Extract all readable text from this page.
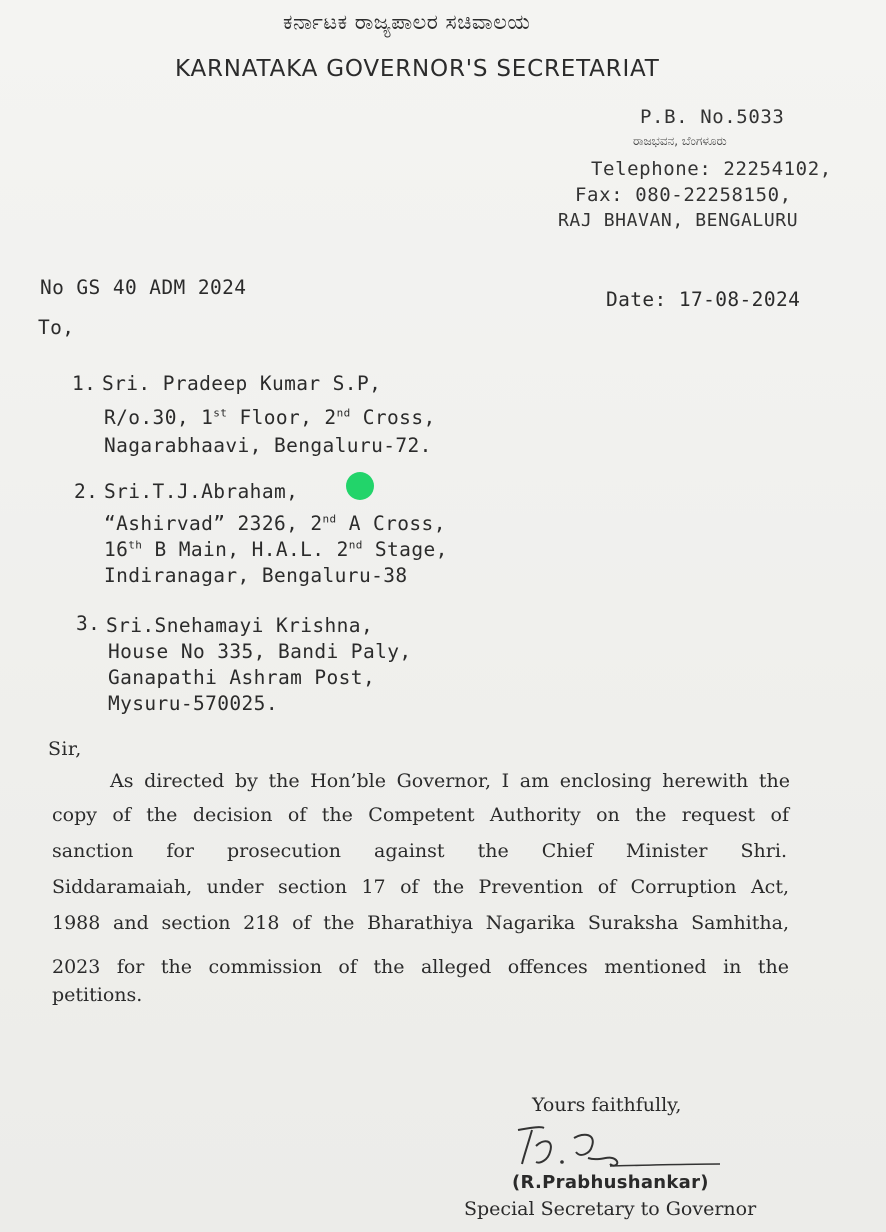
ಕರ್ನಾಟಕ ರಾಜ್ಯಪಾಲರ ಸಚಿವಾಲಯ
KARNATAKA GOVERNOR'S SECRETARIAT
P.B. No.5033
ರಾಜಭವನ, ಬೆಂಗಳೂರು
Telephone: 22254102,
Fax: 080-22258150,
RAJ BHAVAN, BENGALURU
No GS 40 ADM 2024
Date: 17-08-2024
To,
1. Sri. Pradeep Kumar S.P,
R/o.30, 1st Floor, 2nd Cross,
Nagarabhaavi, Bengaluru-72.
2. Sri.T.J.Abraham,
“Ashirvad” 2326, 2nd A Cross,
16th B Main, H.A.L. 2nd Stage,
Indiranagar, Bengaluru-38
3. Sri.Snehamayi Krishna,
House No 335, Bandi Paly,
Ganapathi Ashram Post,
Mysuru-570025.
Sir,
As directed by the Hon’ble Governor, I am enclosing herewith the
copy of the decision of the Competent Authority on the request of
sanction for prosecution against the Chief Minister Shri.
Siddaramaiah, under section 17 of the Prevention of Corruption Act,
1988 and section 218 of the Bharathiya Nagarika Suraksha Samhitha,
2023 for the commission of the alleged offences mentioned in the
petitions.
Yours faithfully,
(R.Prabhushankar)
Special Secretary to Governor
